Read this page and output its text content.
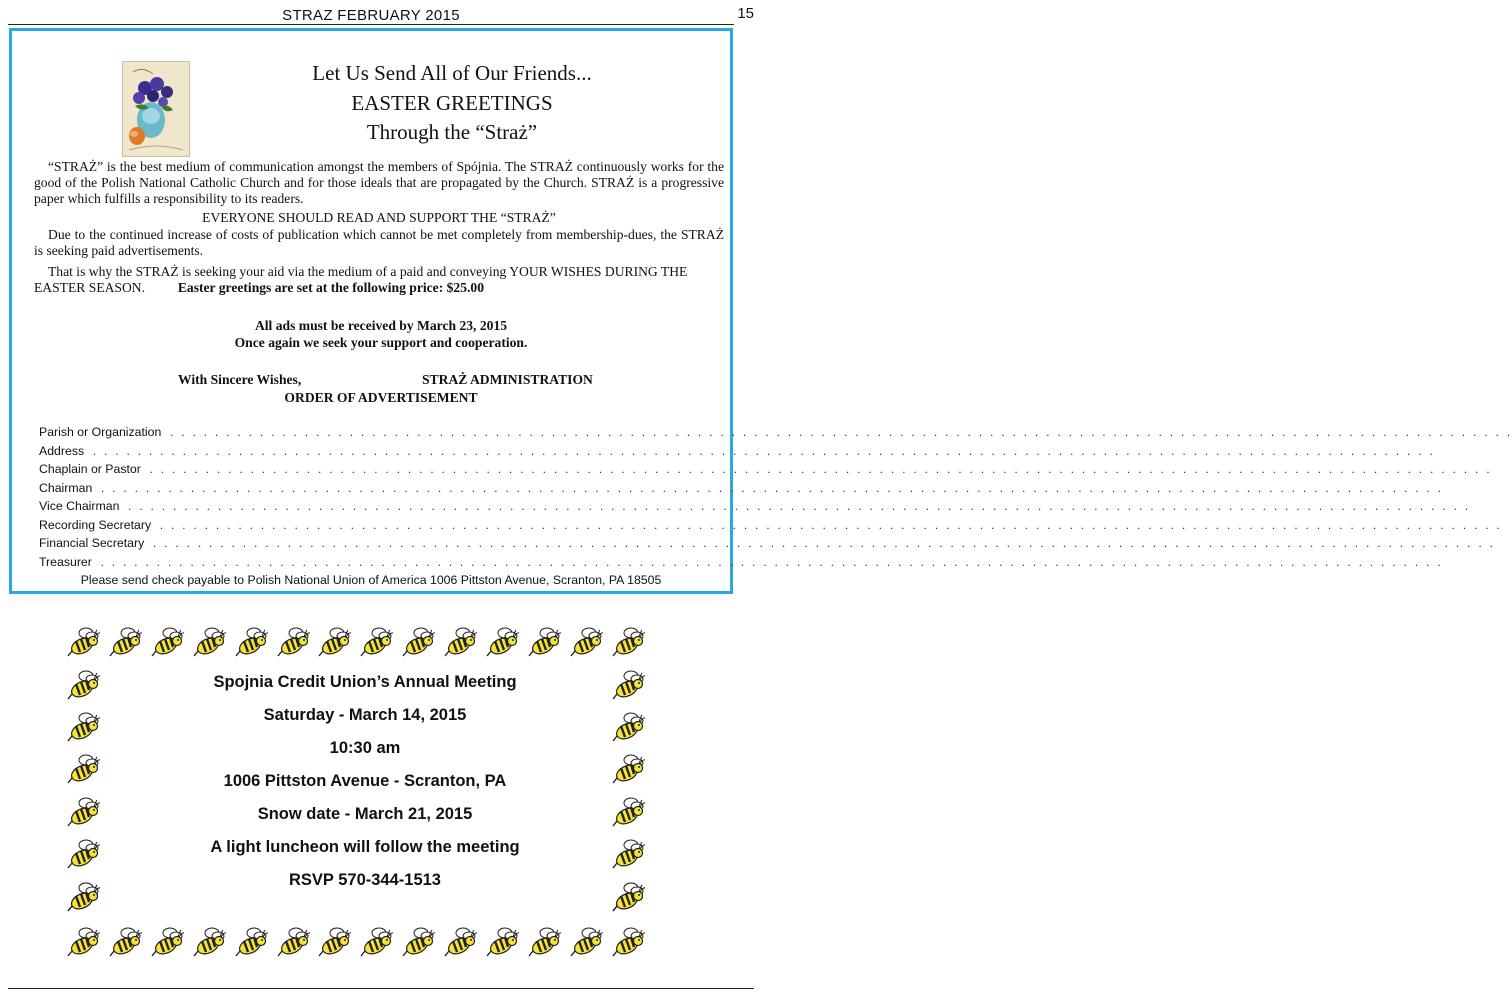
STRAZ FEBRUARY 2015	15
Let Us Send All of Our Friends...
EASTER GREETINGS
Through the “Straż”
“STRAŻ” is the best medium of communication amongst the members of Spójnia. The STRAŻ continuously works for the good of the Polish National Catholic Church and for those ideals that are propagated by the Church. STRAŻ is a progressive paper which fulfills a responsibility to its readers.
EVERYONE SHOULD READ AND SUPPORT THE “STRAŻ”
Due to the continued increase of costs of publication which cannot be met completely from membership-dues, the STRAŻ is seeking paid advertisements.
That is why the STRAŻ is seeking your aid via the medium of a paid and conveying YOUR WISHES DURING THE EASTER SEASON. Easter greetings are set at the following price: $25.00
All ads must be received by March 23, 2015
Once again we seek your support and cooperation.
With Sincere Wishes,	STRAŻ ADMINISTRATION
ORDER OF ADVERTISEMENT
Parish or Organization . . . . . . . . . . . . . . . . . . . . . . . . . . . . . . . . . . . . . . . . . . . . . . . . . . . . . . . . . . . . . . . . . . . . . . . . . . . . . . . . . . . . . . . . . . . . . . . . . . . . . . . . . . . . . . . . . . . . . . . .
Address . . . . . . . . . . . . . . . . . . . . . . . . . . . . . . . . . . . . . . . . . . . . . . . . . . . . . . . . . . . . . . . . . . . . . . . . . . . . . . . . . . . . . . . . . . . . . . . . . . . . . . . . . . . . . . . . . . . . . . . .
Chaplain or Pastor . . . . . . . . . . . . . . . . . . . . . . . . . . . . . . . . . . . . . . . . . . . . . . . . . . . . . . . . . . . . . . . . . . . . . . . . . . . . . . . . . . . . . . . . . . . . . . . . . . . . . . . . . . . . . . . . . . . . . . . .
Chairman . . . . . . . . . . . . . . . . . . . . . . . . . . . . . . . . . . . . . . . . . . . . . . . . . . . . . . . . . . . . . . . . . . . . . . . . . . . . . . . . . . . . . . . . . . . . . . . . . . . . . . . . . . . . . . . . . . . . . . . .
Vice Chairman . . . . . . . . . . . . . . . . . . . . . . . . . . . . . . . . . . . . . . . . . . . . . . . . . . . . . . . . . . . . . . . . . . . . . . . . . . . . . . . . . . . . . . . . . . . . . . . . . . . . . . . . . . . . . . . . . . . . . . . .
Recording Secretary . . . . . . . . . . . . . . . . . . . . . . . . . . . . . . . . . . . . . . . . . . . . . . . . . . . . . . . . . . . . . . . . . . . . . . . . . . . . . . . . . . . . . . . . . . . . . . . . . . . . . . . . . . . . . . . . . . . . . . . .
Financial Secretary . . . . . . . . . . . . . . . . . . . . . . . . . . . . . . . . . . . . . . . . . . . . . . . . . . . . . . . . . . . . . . . . . . . . . . . . . . . . . . . . . . . . . . . . . . . . . . . . . . . . . . . . . . . . . . . . . . . . . . . .
Treasurer . . . . . . . . . . . . . . . . . . . . . . . . . . . . . . . . . . . . . . . . . . . . . . . . . . . . . . . . . . . . . . . . . . . . . . . . . . . . . . . . . . . . . . . . . . . . . . . . . . . . . . . . . . . . . . . . . . . . . . . .
Please send check payable to Polish National Union of America 1006 Pittston Avenue, Scranton, PA 18505
Spojnia Credit Union’s Annual Meeting
Saturday - March 14, 2015
10:30 am
1006 Pittston Avenue - Scranton, PA
Snow date - March 21, 2015
A light luncheon will follow the meeting
RSVP 570-344-1513
